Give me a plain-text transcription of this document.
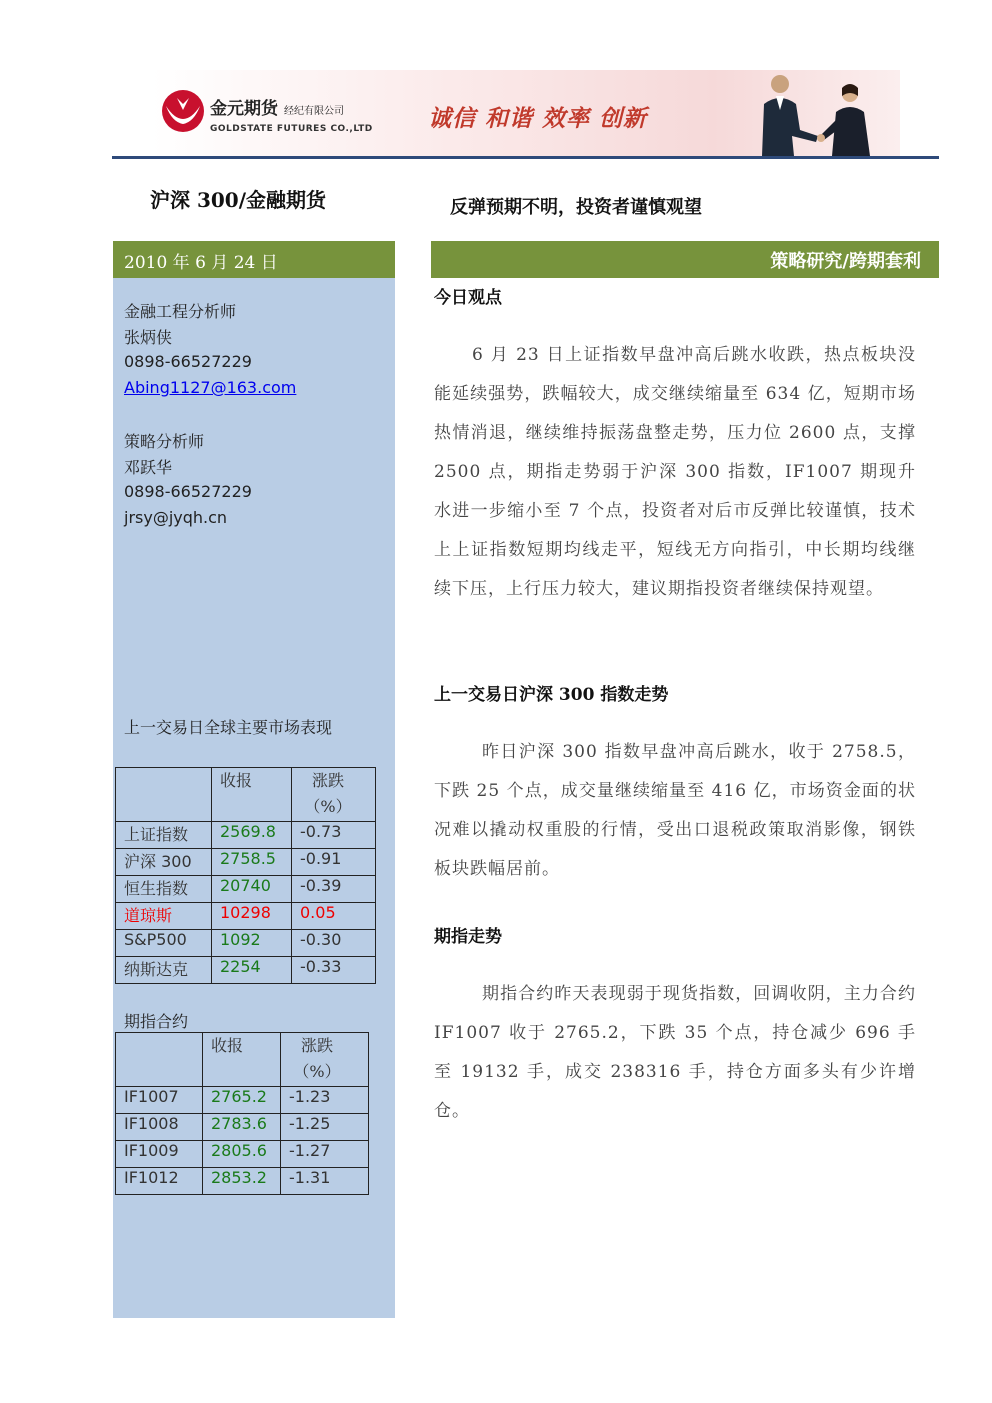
金元期货 经纪有限公司
GOLDSTATE FUTURES CO.,LTD 诚信 和谐 效率 创新
沪深 300/金融期货	反弹预期不明，投资者谨慎观望
2010 年 6 月 24 日
金融工程分析师
张炳侠
0898-66527229
Abing1127@163.com
策略分析师
邓跃华
0898-66527229
jrsy@jyqh.cn
上一交易日全球主要市场表现
	收报	涨跌（%）

上证指数	2569.8	-0.73
沪深 300	2758.5	-0.91
恒生指数	20740	-0.39
道琼斯	10298	0.05
S&P500	1092	-0.30
纳斯达克	2254	-0.33
期指合约
	收报	涨跌（%）

IF1007	2765.2	-1.23
IF1008	2783.6	-1.25
IF1009	2805.6	-1.27
IF1012	2853.2	-1.31
策略研究/跨期套利
今日观点
6 月 23 日上证指数早盘冲高后跳水收跌，热点板块没能延续强势，跌幅较大，成交继续缩量至 634 亿，短期市场热情消退，继续维持振荡盘整走势，压力位 2600 点，支撑 2500 点，期指走势弱于沪深 300 指数，IF1007 期现升水进一步缩小至 7 个点，投资者对后市反弹比较谨慎，技术上上证指数短期均线走平，短线无方向指引，中长期均线继续下压，上行压力较大，建议期指投资者继续保持观望。
上一交易日沪深 300 指数走势
昨日沪深 300 指数早盘冲高后跳水，收于 2758.5，下跌 25 个点，成交量继续缩量至 416 亿，市场资金面的状况难以撬动权重股的行情，受出口退税政策取消影像，钢铁板块跌幅居前。
期指走势
期指合约昨天表现弱于现货指数，回调收阴，主力合约 IF1007 收于 2765.2，下跌 35 个点，持仓减少 696 手至 19132 手，成交 238316 手，持仓方面多头有少许增仓。
